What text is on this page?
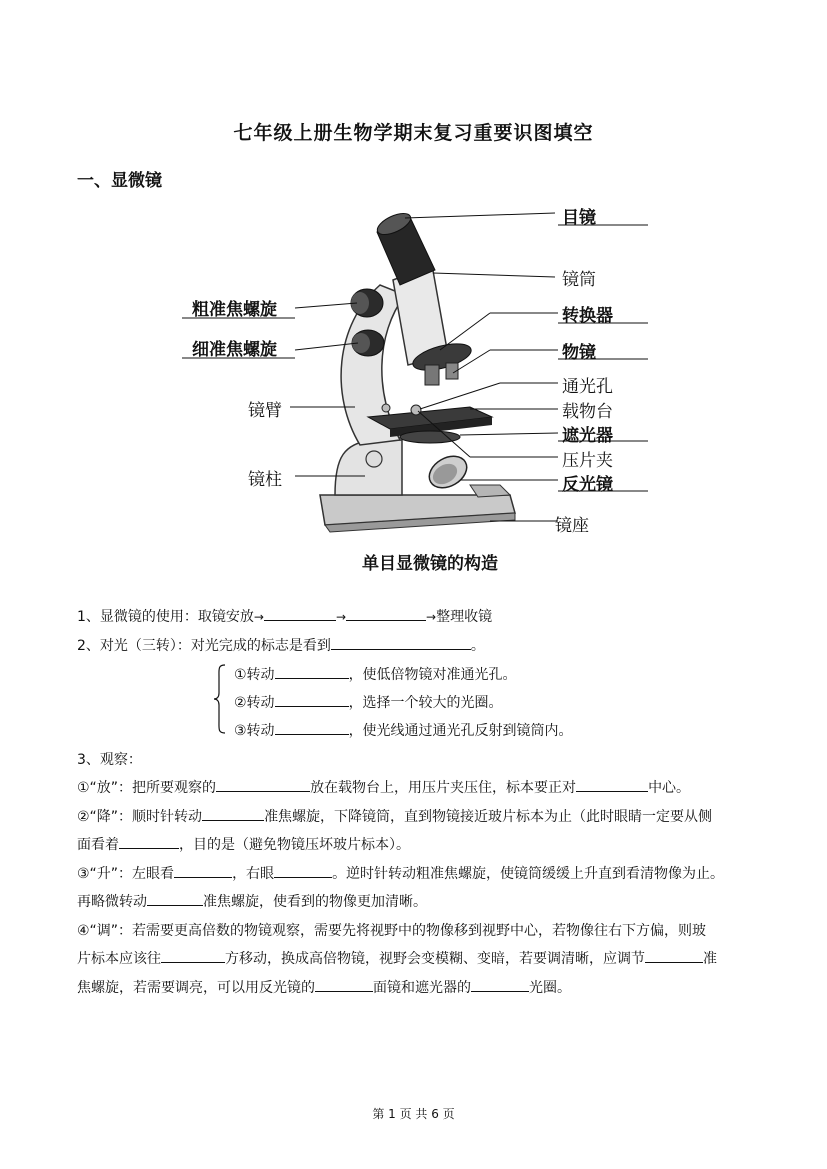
七年级上册生物学期末复习重要识图填空
一、显微镜
粗准焦螺旋
细准焦螺旋
镜臂
镜柱
目镜
镜筒
转换器
物镜
通光孔
载物台
遮光器
压片夹
反光镜
镜座
单目显微镜的构造
1、显微镜的使用：取镜安放→	→	→整理收镜
2、对光（三转）：对光完成的标志是看到	。
①转动	，使低倍物镜对准通光孔。
②转动	，选择一个较大的光圈。
③转动	，使光线通过通光孔反射到镜筒内。
3、观察：
①“放”：把所要观察的	放在载物台上，用压片夹压住，标本要正对	中心。
②“降”：顺时针转动	准焦螺旋，下降镜筒，直到物镜接近玻片标本为止（此时眼睛一定要从侧
面看着	，目的是（避免物镜压坏玻片标本）。
③“升”：左眼看	，右眼	。逆时针转动粗准焦螺旋，使镜筒缓缓上升直到看清物像为止。
再略微转动	准焦螺旋，使看到的物像更加清晰。
④“调”：若需要更高倍数的物镜观察，需要先将视野中的物像移到视野中心，若物像往右下方偏，则玻
片标本应该往	方移动，换成高倍物镜，视野会变模糊、变暗，若要调清晰，应调节	准
焦螺旋，若需要调亮，可以用反光镜的	面镜和遮光器的	光圈。
第 1 页 共 6 页
